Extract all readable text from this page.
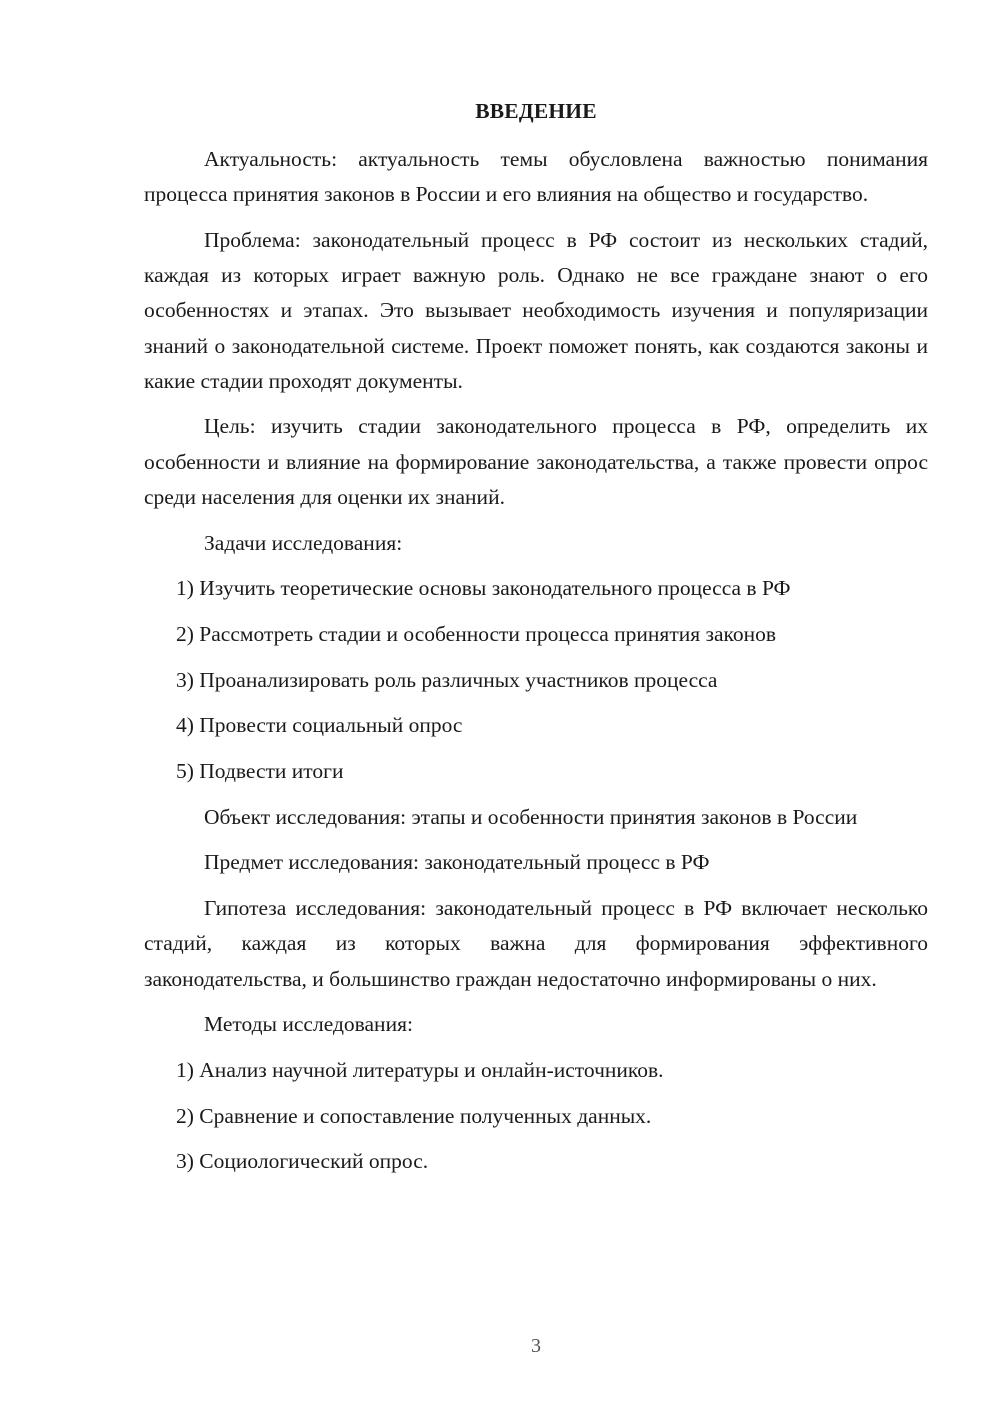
ВВЕДЕНИЕ

Актуальность: актуальность темы обусловлена важностью понимания процесса принятия законов в России и его влияния на общество и государство.

Проблема: законодательный процесс в РФ состоит из нескольких стадий, каждая из которых играет важную роль. Однако не все граждане знают о его особенностях и этапах. Это вызывает необходимость изучения и популяризации знаний о законодательной системе. Проект поможет понять, как создаются законы и какие стадии проходят документы.

Цель: изучить стадии законодательного процесса в РФ, определить их особенности и влияние на формирование законодательства, а также провести опрос среди населения для оценки их знаний.

Задачи исследования:

1) Изучить теоретические основы законодательного процесса в РФ
2) Рассмотреть стадии и особенности процесса принятия законов
3) Проанализировать роль различных участников процесса
4) Провести социальный опрос
5) Подвести итоги

Объект исследования: этапы и особенности принятия законов в России

Предмет исследования: законодательный процесс в РФ

Гипотеза исследования: законодательный процесс в РФ включает несколько стадий, каждая из которых важна для формирования эффективного законодательства, и большинство граждан недостаточно информированы о них.

Методы исследования:

1) Анализ научной литературы и онлайн-источников.
2) Сравнение и сопоставление полученных данных.
3) Социологический опрос.
3
